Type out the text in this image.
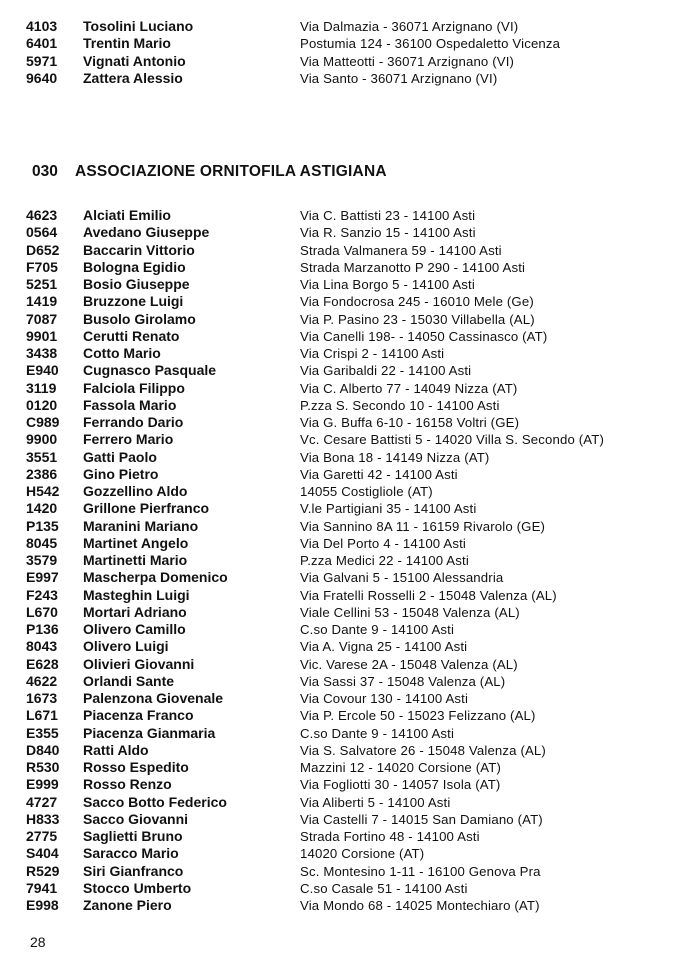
4103	Tosolini Luciano	Via Dalmazia - 36071 Arzignano (VI)
6401	Trentin Mario	Postumia 124 - 36100 Ospedaletto Vicenza
5971	Vignati Antonio	Via Matteotti - 36071 Arzignano (VI)
9640	Zattera Alessio	Via Santo - 36071 Arzignano (VI)
030 ASSOCIAZIONE ORNITOFILA ASTIGIANA
4623	Alciati Emilio	Via C. Battisti 23 - 14100 Asti
0564	Avedano Giuseppe	Via R. Sanzio 15 - 14100 Asti
D652	Baccarin Vittorio	Strada Valmanera 59 - 14100 Asti
F705	Bologna Egidio	Strada Marzanotto P 290 - 14100 Asti
5251	Bosio Giuseppe	Via Lina Borgo 5 - 14100 Asti
1419	Bruzzone Luigi	Via Fondocrosa 245 - 16010 Mele (Ge)
7087	Busolo Girolamo	Via P. Pasino 23 - 15030 Villabella (AL)
9901	Cerutti Renato	Via Canelli 198- - 14050 Cassinasco (AT)
3438	Cotto Mario	Via Crispi 2 - 14100 Asti
E940	Cugnasco Pasquale	Via Garibaldi 22 - 14100 Asti
3119	Falciola Filippo	Via C. Alberto 77 - 14049 Nizza (AT)
0120	Fassola Mario	P.zza S. Secondo 10 - 14100 Asti
C989	Ferrando Dario	Via G. Buffa 6-10 - 16158 Voltri (GE)
9900	Ferrero Mario	Vc. Cesare Battisti 5 - 14020 Villa S. Secondo (AT)
3551	Gatti Paolo	Via Bona 18 - 14149 Nizza (AT)
2386	Gino Pietro	Via Garetti 42 - 14100 Asti
H542	Gozzellino Aldo	14055 Costigliole (AT)
1420	Grillone Pierfranco	V.le Partigiani 35 - 14100 Asti
P135	Maranini Mariano	Via Sannino 8A 11 - 16159 Rivarolo (GE)
8045	Martinet Angelo	Via Del Porto 4 - 14100 Asti
3579	Martinetti Mario	P.zza Medici 22 - 14100 Asti
E997	Mascherpa Domenico	Via Galvani 5 - 15100 Alessandria
F243	Masteghin Luigi	Via Fratelli Rosselli 2 - 15048 Valenza (AL)
L670	Mortari Adriano	Viale Cellini 53 - 15048 Valenza (AL)
P136	Olivero Camillo	C.so Dante 9 - 14100 Asti
8043	Olivero Luigi	Via A. Vigna 25 - 14100 Asti
E628	Olivieri Giovanni	Vic. Varese 2A - 15048 Valenza (AL)
4622	Orlandi Sante	Via Sassi 37 - 15048 Valenza (AL)
1673	Palenzona Giovenale	Via Covour 130 - 14100 Asti
L671	Piacenza Franco	Via P. Ercole 50 - 15023 Felizzano (AL)
E355	Piacenza Gianmaria	C.so Dante 9 - 14100 Asti
D840	Ratti Aldo	Via S. Salvatore 26 - 15048 Valenza (AL)
R530	Rosso Espedito	Mazzini 12 - 14020 Corsione (AT)
E999	Rosso Renzo	Via Fogliotti 30 - 14057 Isola (AT)
4727	Sacco Botto Federico	Via Aliberti 5 - 14100 Asti
H833	Sacco Giovanni	Via Castelli 7 - 14015 San Damiano (AT)
2775	Saglietti Bruno	Strada Fortino 48 - 14100 Asti
S404	Saracco Mario	14020 Corsione (AT)
R529	Siri Gianfranco	Sc. Montesino 1-11 - 16100 Genova Pra
7941	Stocco Umberto	C.so Casale 51 - 14100 Asti
E998	Zanone Piero	Via Mondo 68 - 14025 Montechiaro (AT)
28
